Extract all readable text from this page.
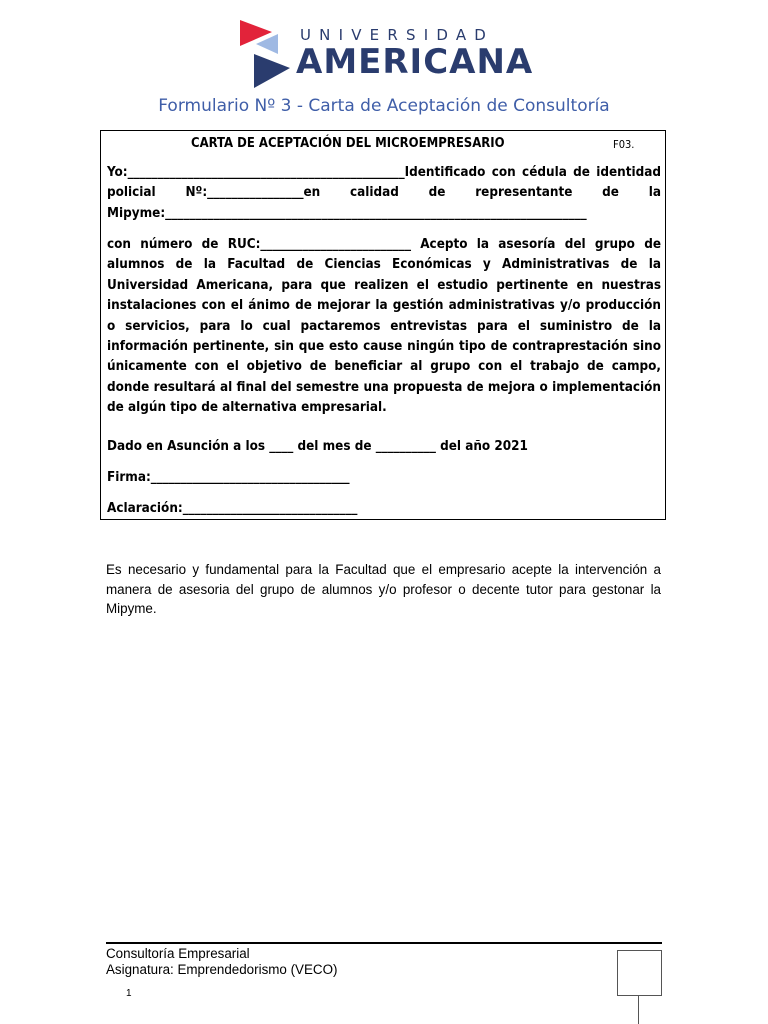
UNIVERSIDAD
AMERICANA
Formulario Nº 3 - Carta de Aceptación de Consultoría
CARTA DE ACEPTACIÓN DEL MICROEMPRESARIO	F03.
Yo:______________________________________________Identificado con cédula de identidad policial Nº:________________en calidad de representante de la Mipyme:______________________________________________________________________
con número de RUC:_________________________ Acepto la asesoría del grupo de alumnos de la Facultad de Ciencias Económicas y Administrativas de la Universidad Americana, para que realizen el estudio pertinente en nuestras instalaciones con el ánimo de mejorar la gestión administrativas y/o producción o servicios, para lo cual pactaremos entrevistas para el suministro de la información pertinente, sin que esto cause ningún tipo de contraprestación sino únicamente con el objetivo de beneficiar al grupo con el trabajo de campo, donde resultará al final del semestre una propuesta de mejora o implementación de algún tipo de alternativa empresarial.
Dado en Asunción a los ____ del mes de __________ del año 2021
Firma:_________________________________
Aclaración:_____________________________
Es necesario y fundamental para la Facultad que el empresario acepte la intervención a manera de asesoria del grupo de alumnos y/o profesor o decente tutor para gestonar la Mipyme.
Consultoría Empresarial
Asignatura: Emprendedorismo (VECO)
1
